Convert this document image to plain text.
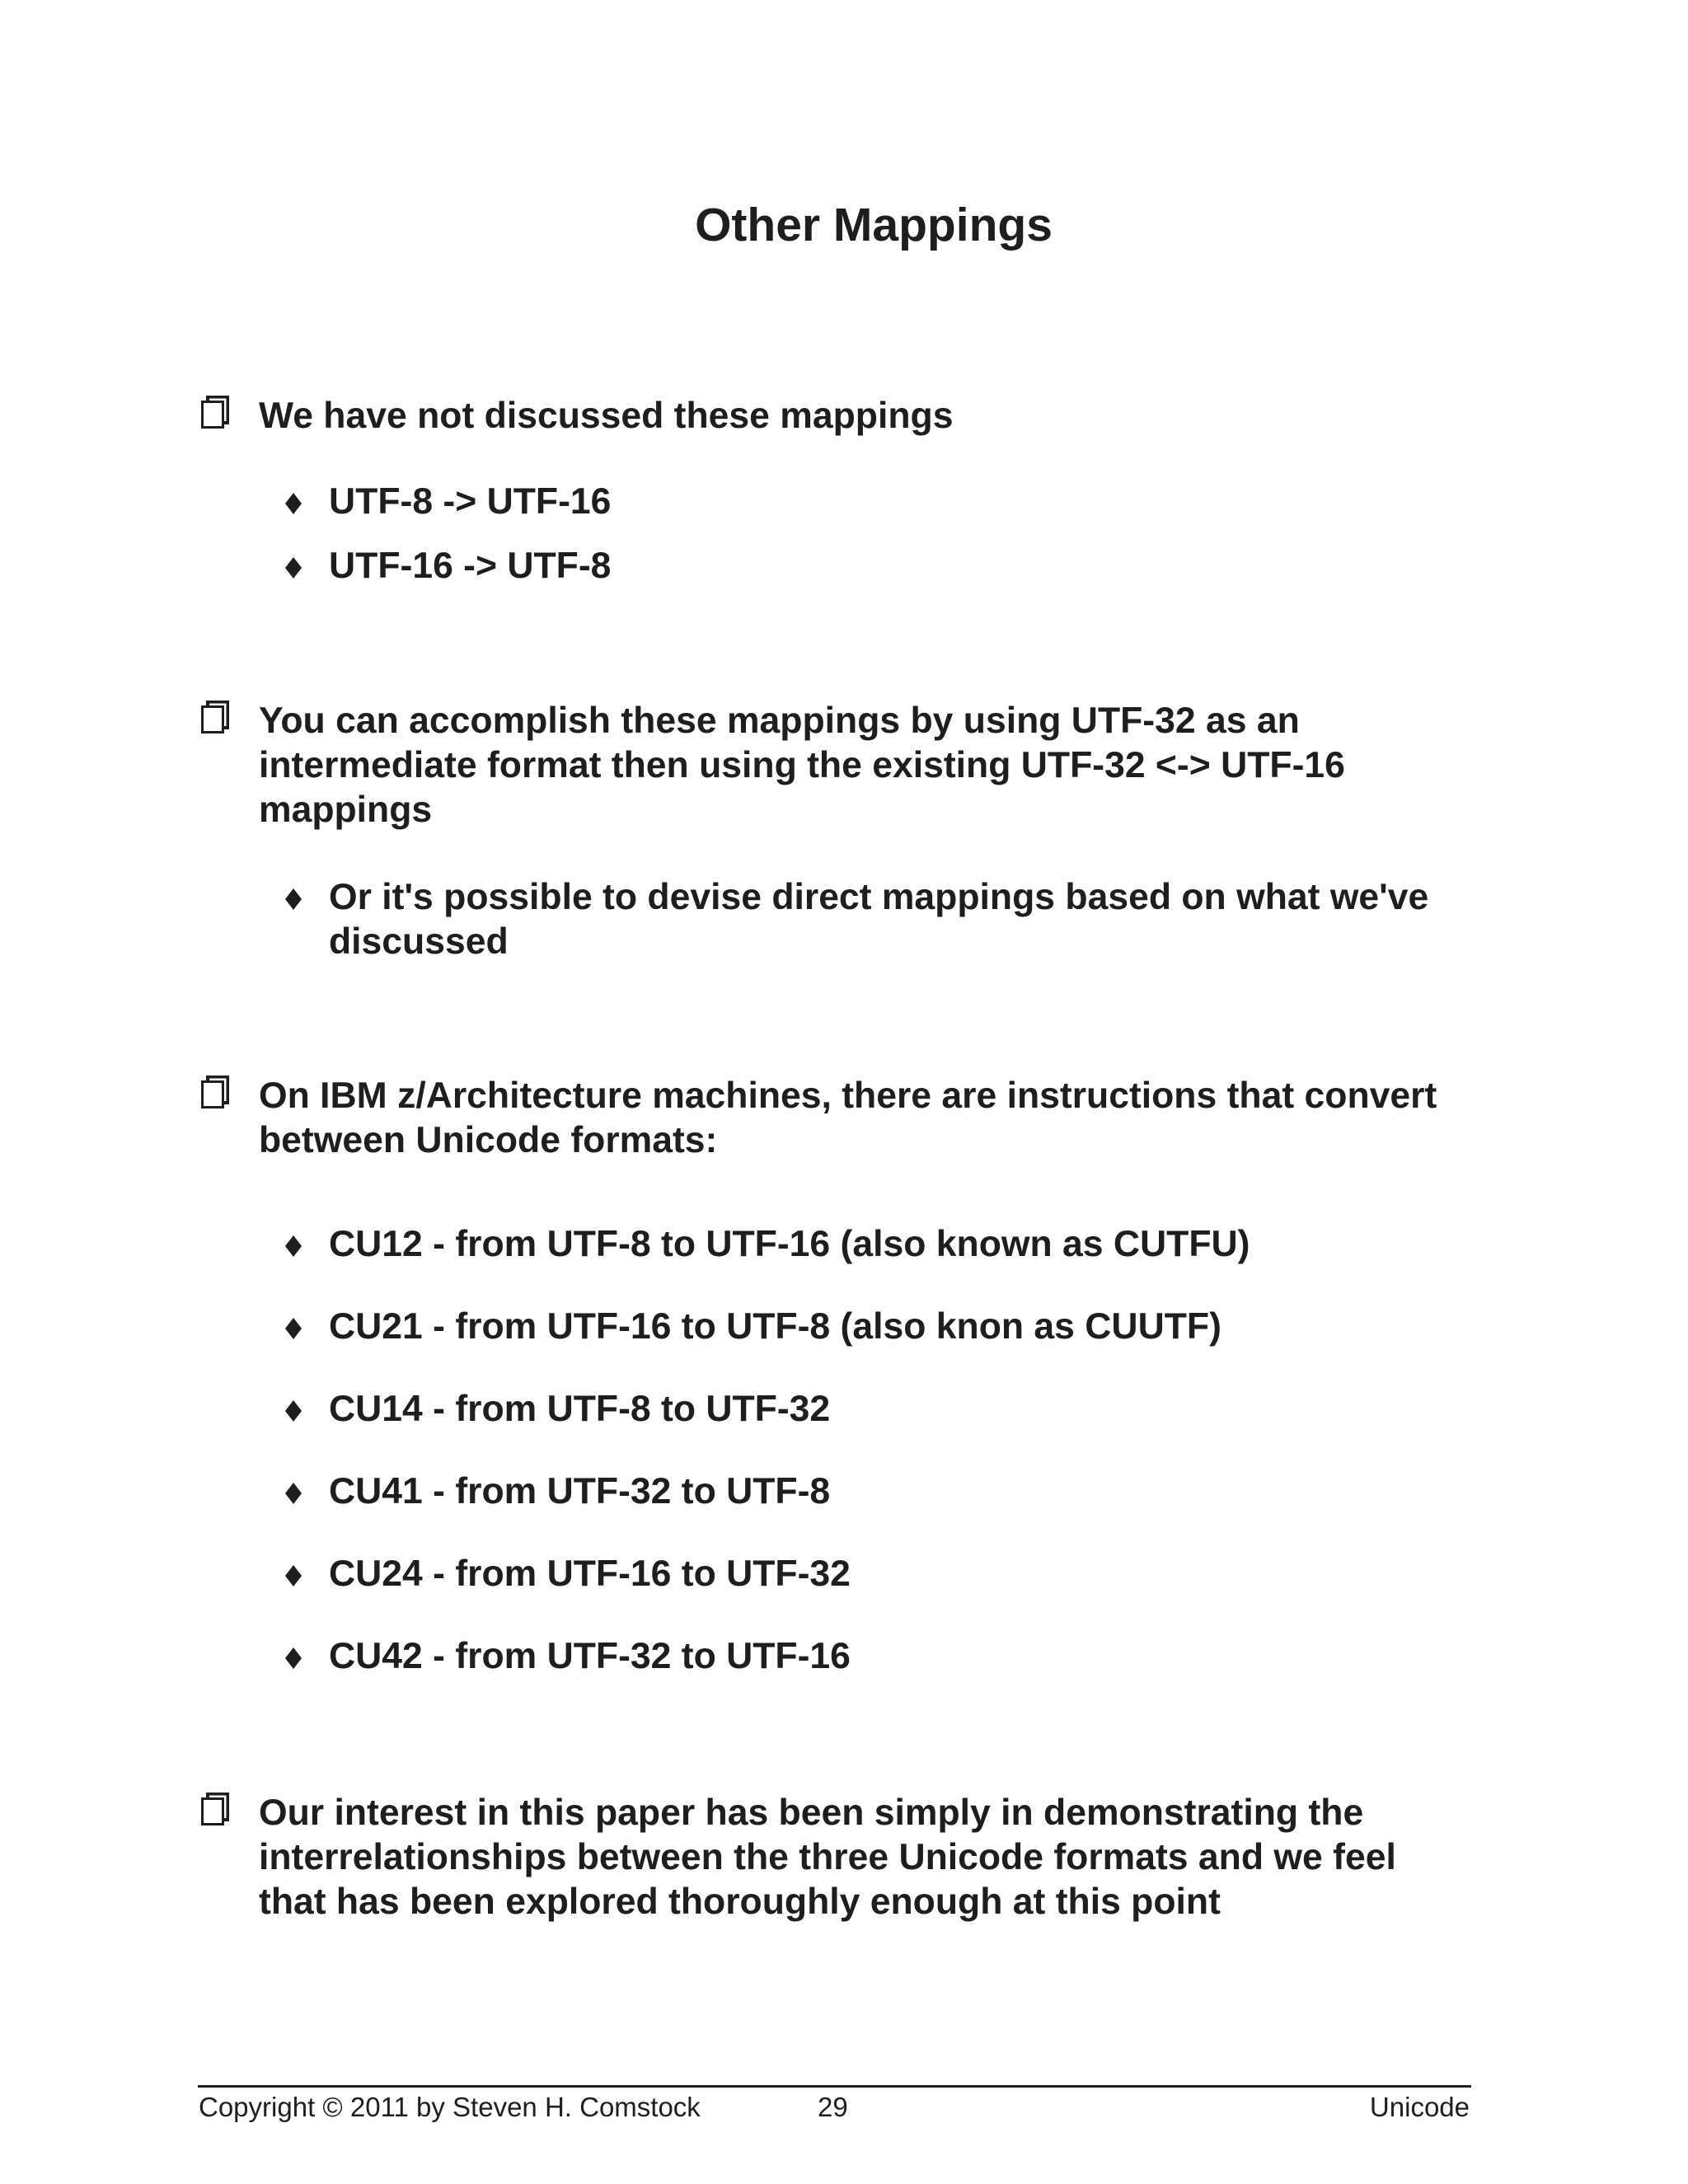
Other Mappings
We have not discussed these mappings
UTF-8 -> UTF-16
UTF-16 -> UTF-8
You can accomplish these mappings by using UTF-32 as an
intermediate format then using the existing UTF-32 <-> UTF-16
mappings
Or it's possible to devise direct mappings based on what we've
discussed
On IBM z/Architecture machines, there are instructions that convert
between Unicode formats:
CU12 - from UTF-8 to UTF-16 (also known as CUTFU)
CU21 - from UTF-16 to UTF-8 (also knon as CUUTF)
CU14 - from UTF-8 to UTF-32
CU41 - from UTF-32 to UTF-8
CU24 - from UTF-16 to UTF-32
CU42 - from UTF-32 to UTF-16
Our interest in this paper has been simply in demonstrating the
interrelationships between the three Unicode formats and we feel
that has been explored thoroughly enough at this point
Copyright © 2011 by Steven H. Comstock	29	Unicode
